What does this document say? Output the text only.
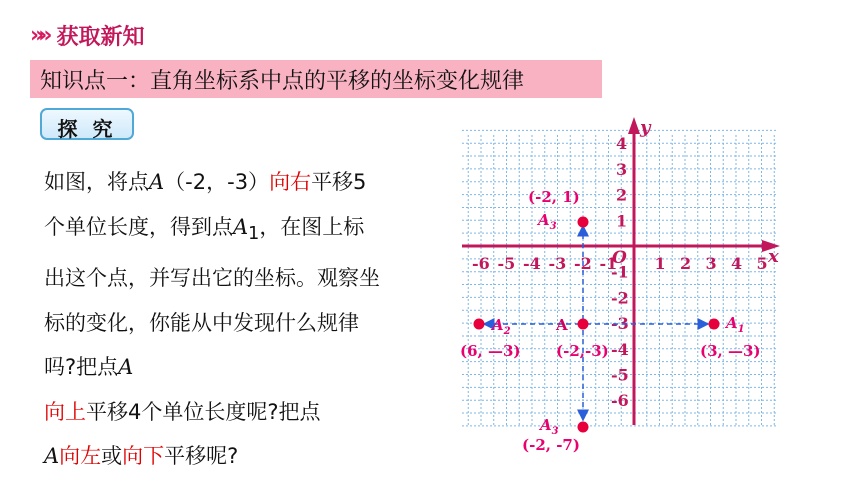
»» 获取新知
知识点一：直角坐标系中点的平移的坐标变化规律
探 究
如图，将点A（-2，-3）向右平移5个单位长度，得到点$A_1$，在图上标出这个点，并写出它的坐标。观察坐标的变化，你能从中发现什么规律吗?把点A
向上平移4个单位长度呢?把点
A向左或向下平移呢?
x
y
O
-6 -5 -4 -3 -2 -1 1 2 3 4 5
4
3
2
1
-1
-2
-3
-4
-5
-6
A
(-2,-3)
$A_1$
(3, —3)
$A_2$
(6, —3)
(-2, 1)
$A_3$
$A_3$
(-2, -7)
